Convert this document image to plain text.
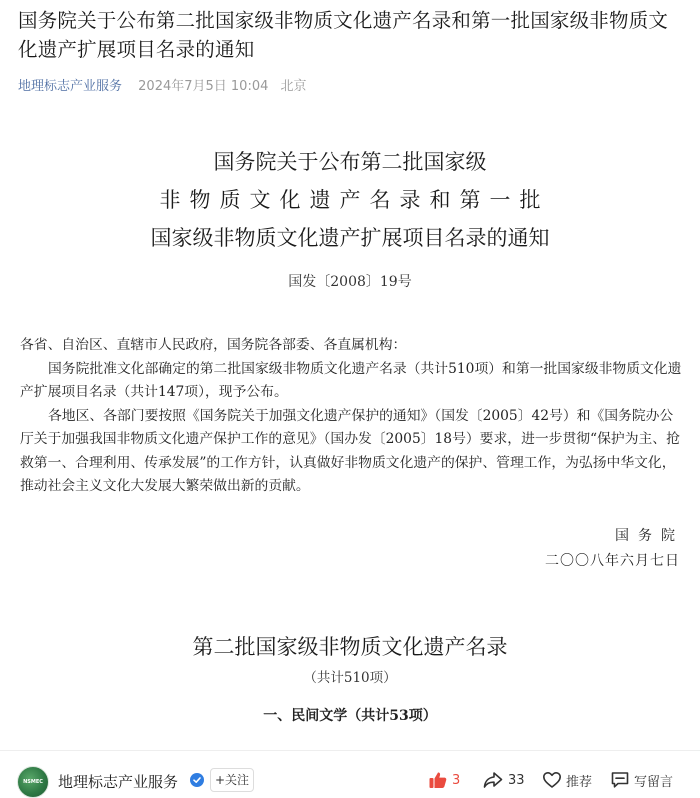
国务院关于公布第二批国家级非物质文化遗产名录和第一批国家级非物质文化遗产扩展项目名录的通知
地理标志产业服务 2024年7月5日 10:04 北京
国务院关于公布第二批国家级
非物质文化遗产名录和第一批
国家级非物质文化遗产扩展项目名录的通知
国发〔2008〕19号

各省、自治区、直辖市人民政府，国务院各部委、各直属机构：

国务院批准文化部确定的第二批国家级非物质文化遗产名录（共计510项）和第一批国家级非物质文化遗产扩展项目名录（共计147项），现予公布。

各地区、各部门要按照《国务院关于加强文化遗产保护的通知》（国发〔2005〕42号）和《国务院办公厅关于加强我国非物质文化遗产保护工作的意见》（国办发〔2005〕18号）要求，进一步贯彻“保护为主、抢救第一、合理利用、传承发展”的工作方针，认真做好非物质文化遗产的保护、管理工作，为弘扬中华文化，推动社会主义文化大发展大繁荣做出新的贡献。

国务院
二〇〇八年六月七日
第二批国家级非物质文化遗产名录
（共计510项）
一、民间文学（共计53项）
NSMEC	地理标志产业服务	+关注	3	33	推荐	写留言
